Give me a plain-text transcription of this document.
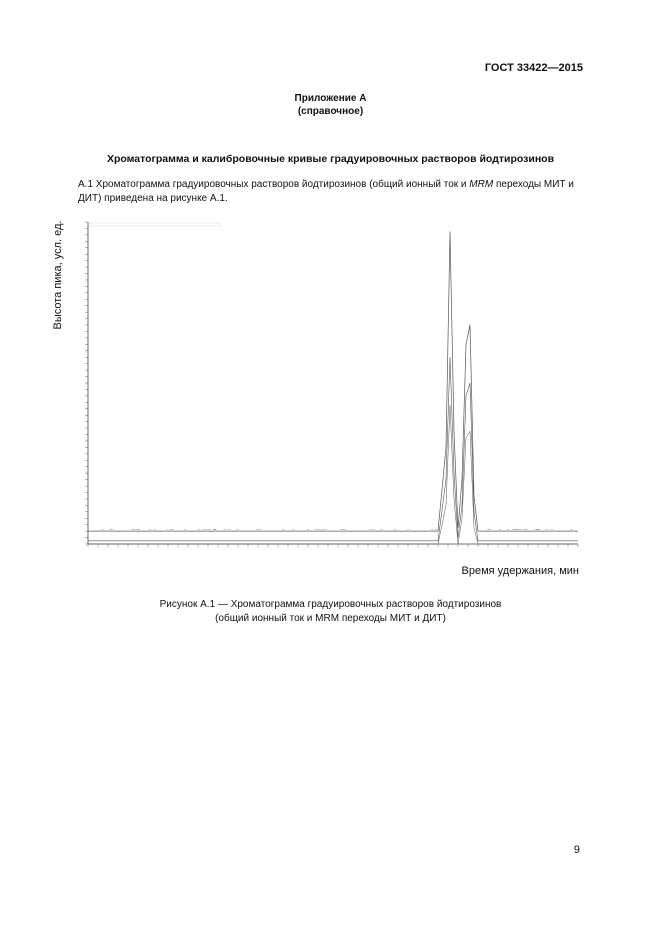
ГОСТ 33422—2015
Приложение А
(справочное)
Хроматограмма и калибровочные кривые градуировочных растворов йодтирозинов
А.1 Хроматограмма градуировочных растворов йодтирозинов (общий ионный ток и MRM переходы МИТ и ДИТ) приведена на рисунке А.1.
Высота пика, усл. ед.
Время удержания, мин
Рисунок А.1 — Хроматограмма градуировочных растворов йодтирозинов
(общий ионный ток и MRM переходы МИТ и ДИТ)
9
